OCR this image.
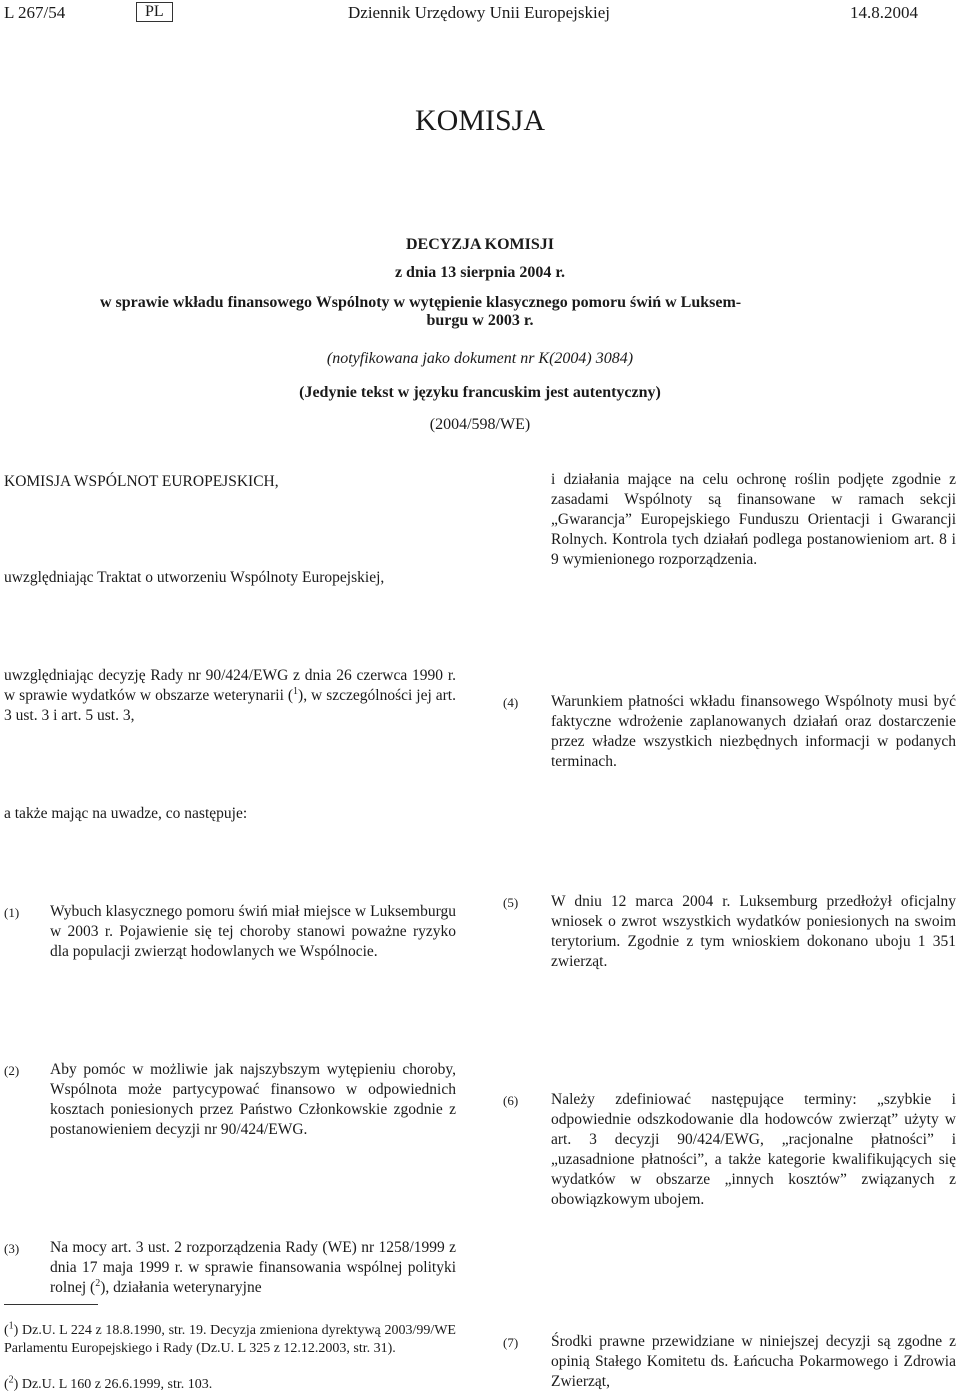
L 267/54	PL	Dziennik Urzędowy Unii Europejskiej	14.8.2004
KOMISJA
DECYZJA KOMISJI
z dnia 13 sierpnia 2004 r.
w sprawie wkładu finansowego Wspólnoty w wytępienie klasycznego pomoru świń w Luksem-
burgu w 2003 r.
(notyfikowana jako dokument nr K(2004) 3084)
(Jedynie tekst w języku francuskim jest autentyczny)
(2004/598/WE)
KOMISJA WSPÓLNOT EUROPEJSKICH,
uwzględniając Traktat o utworzeniu Wspólnoty Europejskiej,
uwzględniając decyzję Rady nr 90/424/EWG z dnia 26 czerwca 1990 r. w sprawie wydatków w obszarze weterynarii ($^1$), w szczególności jej art. 3 ust. 3 i art. 5 ust. 3,
a także mając na uwadze, co następuje:
(1) Wybuch klasycznego pomoru świń miał miejsce w Luksemburgu w 2003 r. Pojawienie się tej choroby stanowi poważne ryzyko dla populacji zwierząt hodowlanych we Wspólnocie.
(2) Aby pomóc w możliwie jak najszybszym wytępieniu choroby, Wspólnota może partycypować finansowo w odpowiednich kosztach poniesionych przez Państwo Członkowskie zgodnie z postanowieniem decyzji nr 90/424/EWG.
(3) Na mocy art. 3 ust. 2 rozporządzenia Rady (WE) nr 1258/1999 z dnia 17 maja 1999 r. w sprawie finansowania wspólnej polityki rolnej ($^2$), działania weterynaryjne
($^1$) Dz.U. L 224 z 18.8.1990, str. 19. Decyzja zmieniona dyrektywą 2003/99/WE Parlamentu Europejskiego i Rady (Dz.U. L 325 z 12.12.2003, str. 31).
($^2$) Dz.U. L 160 z 26.6.1999, str. 103.
i działania mające na celu ochronę roślin podjęte zgodnie z zasadami Wspólnoty są finansowane w ramach sekcji „Gwarancja” Europejskiego Funduszu Orientacji i Gwarancji Rolnych. Kontrola tych działań podlega postanowieniom art. 8 i 9 wymienionego rozporządzenia.
(4) Warunkiem płatności wkładu finansowego Wspólnoty musi być faktyczne wdrożenie zaplanowanych działań oraz dostarczenie przez władze wszystkich niezbędnych informacji w podanych terminach.
(5) W dniu 12 marca 2004 r. Luksemburg przedłożył oficjalny wniosek o zwrot wszystkich wydatków poniesionych na swoim terytorium. Zgodnie z tym wnioskiem dokonano uboju 1 351 zwierząt.
(6) Należy zdefiniować następujące terminy: „szybkie i odpowiednie odszkodowanie dla hodowców zwierząt” użyty w art. 3 decyzji 90/424/EWG, „racjonalne płatności” i „uzasadnione płatności”, a także kategorie kwalifikujących się wydatków w obszarze „innych kosztów” związanych z obowiązkowym ubojem.
(7) Środki prawne przewidziane w niniejszej decyzji są zgodne z opinią Stałego Komitetu ds. Łańcucha Pokarmowego i Zdrowia Zwierząt,
